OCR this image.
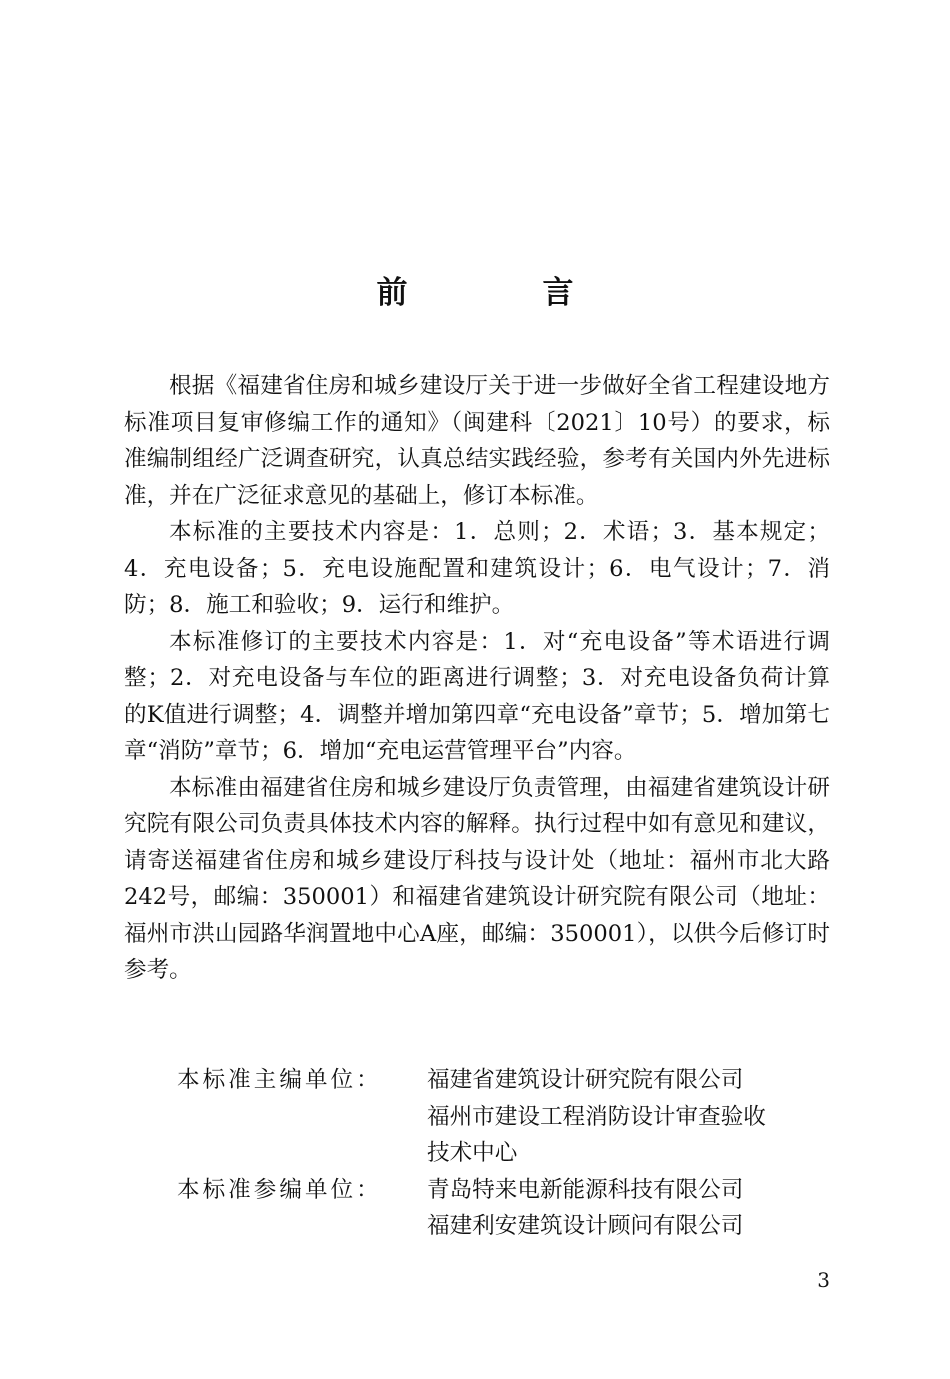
前　言

根据《福建省住房和城乡建设厅关于进一步做好全省工程建设地方标准项目复审修编工作的通知》（闽建科〔2021〕10号）的要求，标准编制组经广泛调查研究，认真总结实践经验，参考有关国内外先进标准，并在广泛征求意见的基础上，修订本标准。

本标准的主要技术内容是：1．总则；2．术语；3．基本规定；4．充电设备；5．充电设施配置和建筑设计；6．电气设计；7．消防；8．施工和验收；9．运行和维护。

本标准修订的主要技术内容是：1．对“充电设备”等术语进行调整；2．对充电设备与车位的距离进行调整；3．对充电设备负荷计算的K值进行调整；4．调整并增加第四章“充电设备”章节；5．增加第七章“消防”章节；6．增加“充电运营管理平台”内容。

本标准由福建省住房和城乡建设厅负责管理，由福建省建筑设计研究院有限公司负责具体技术内容的解释。执行过程中如有意见和建议，请寄送福建省住房和城乡建设厅科技与设计处（地址：福州市北大路242号，邮编：350001）和福建省建筑设计研究院有限公司（地址：福州市洪山园路华润置地中心A座，邮编：350001），以供今后修订时参考。

本标准主编单位：	福建省建筑设计研究院有限公司
福州市建设工程消防设计审查验收
技术中心
本标准参编单位：	青岛特来电新能源科技有限公司
福建利安建筑设计顾问有限公司
3
